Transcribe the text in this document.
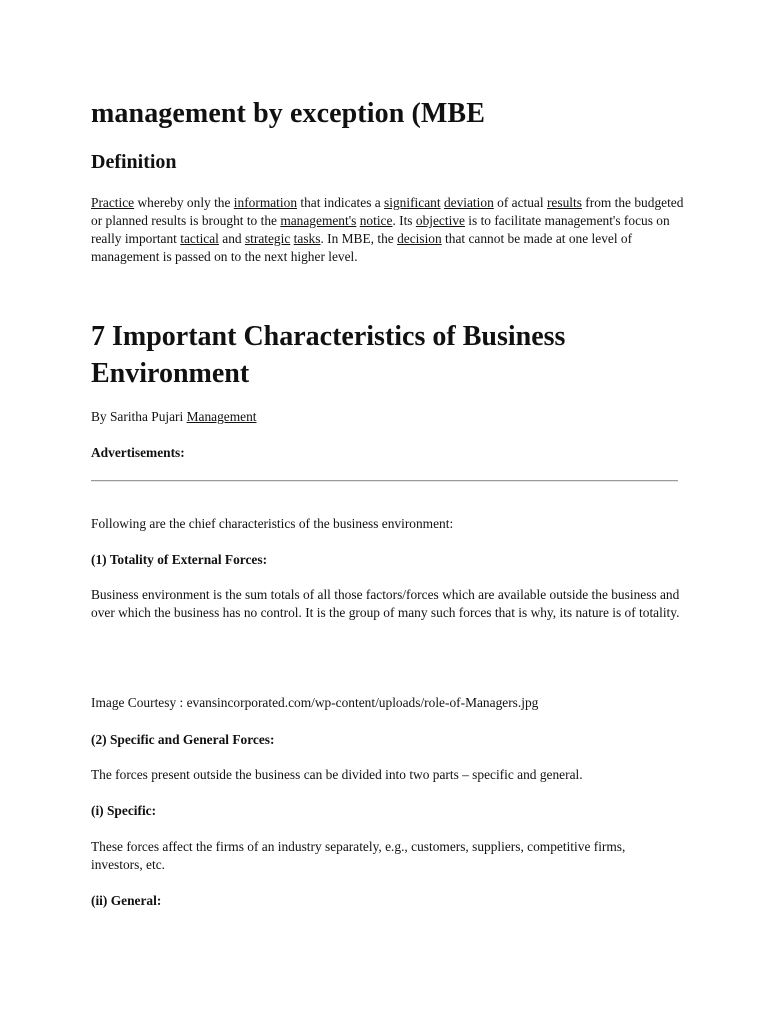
management by exception (MBE
Definition

Practice whereby only the information that indicates a significant deviation of actual results from the budgeted or planned results is brought to the management's notice. Its objective is to facilitate management's focus on really important tactical and strategic tasks. In MBE, the decision that cannot be made at one level of management is passed on to the next higher level.

7 Important Characteristics of Business Environment

By Saritha Pujari Management

Advertisements:

Following are the chief characteristics of the business environment:

(1) Totality of External Forces:

Business environment is the sum totals of all those factors/forces which are available outside the business and over which the business has no control. It is the group of many such forces that is why, its nature is of totality.

Image Courtesy : evansincorporated.com/wp-content/uploads/role-of-Managers.jpg

(2) Specific and General Forces:

The forces present outside the business can be divided into two parts – specific and general.

(i) Specific:

These forces affect the firms of an industry separately, e.g., customers, suppliers, competitive firms, investors, etc.

(ii) General:
